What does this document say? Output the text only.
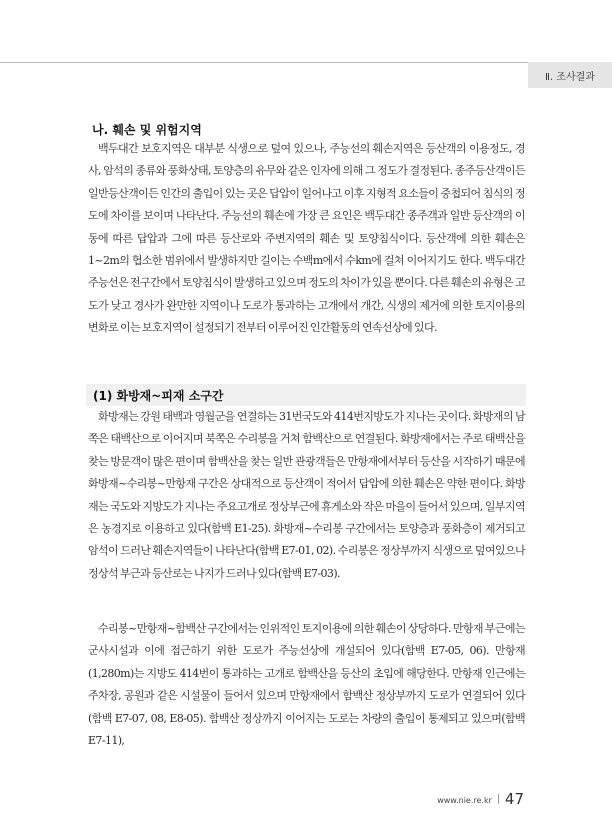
Ⅱ. 조사결과
나. 훼손 및 위험지역

백두대간 보호지역은 대부분 식생으로 덮여 있으나, 주능선의 훼손지역은 등산객의 이용정도, 경사, 암석의 종류와 풍화상태, 토양층의 유무와 같은 인자에 의해 그 정도가 결정된다. 종주등산객이든 일반등산객이든 인간의 출입이 있는 곳은 답압이 일어나고 이후 지형적 요소들이 중첩되어 침식의 정도에 차이를 보이며 나타난다. 주능선의 훼손에 가장 큰 요인은 백두대간 종주객과 일반 등산객의 이동에 따른 답압과 그에 따른 등산로와 주변지역의 훼손 및 토양침식이다. 등산객에 의한 훼손은 1~2m의 협소한 범위에서 발생하지만 길이는 수백m에서 수km에 걸쳐 이어지기도 한다. 백두대간 주능선은 전구간에서 토양침식이 발생하고 있으며 정도의 차이가 있을 뿐이다. 다른 훼손의 유형은 고도가 낮고 경사가 완만한 지역이나 도로가 통과하는 고개에서 개간, 식생의 제거에 의한 토지이용의 변화로 이는 보호지역이 설정되기 전부터 이루어진 인간활동의 연속선상에 있다.

(1) 화방재~피재 소구간

화방재는 강원 태백과 영월군을 연결하는 31번국도와 414번지방도가 지나는 곳이다. 화방재의 남쪽은 태백산으로 이어지며 북쪽은 수리봉을 거쳐 함백산으로 연결된다. 화방재에서는 주로 태백산을 찾는 방문객이 많은 편이며 함백산을 찾는 일반 관광객들은 만항재에서부터 등산을 시작하기 때문에 화방재~수리봉~만항재 구간은 상대적으로 등산객이 적어서 답압에 의한 훼손은 약한 편이다. 화방재는 국도와 지방도가 지나는 주요고개로 정상부근에 휴게소와 작은 마을이 들어서 있으며, 일부지역은 농경지로 이용하고 있다(함백 E1-25). 화방재~수리봉 구간에서는 토양층과 풍화층이 제거되고 암석이 드러난 훼손지역들이 나타난다(함백 E7-01, 02). 수리봉은 정상부까지 식생으로 덮여있으나 정상석 부근과 등산로는 나지가 드러나 있다(함백 E7-03).

수리봉~만항재~함백산 구간에서는 인위적인 토지이용에 의한 훼손이 상당하다. 만항재 부근에는 군사시설과 이에 접근하기 위한 도로가 주능선상에 개설되어 있다(함백 E7-05, 06). 만항재(1,280m)는 지방도 414번이 통과하는 고개로 함백산을 등산의 초입에 해당한다. 만항재 인근에는 주차장, 공원과 같은 시설물이 들어서 있으며 만항재에서 함백산 정상부까지 도로가 연결되어 있다(함백 E7-07, 08, E8-05). 함백산 정상까지 이어지는 도로는 차량의 출입이 통제되고 있으며(함백 E7-11),

www.nie.re.kr 47
